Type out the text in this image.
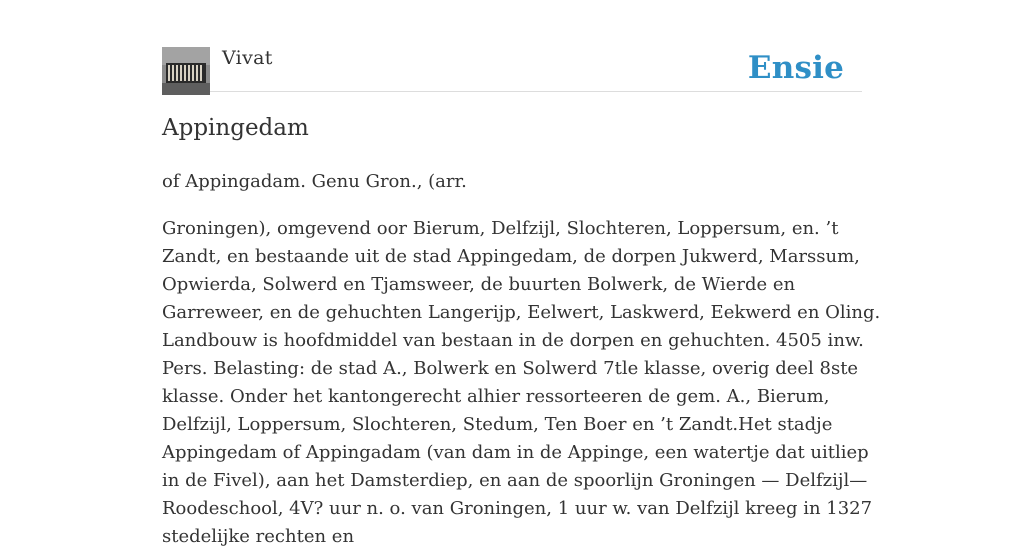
Vivat	Ensie
Appingedam

of Appingadam. Genu Gron., (arr.

Groningen), omgevend oor Bierum, Delfzijl, Slochteren, Loppersum, en. ’t Zandt, en bestaande uit de stad Appingedam, de dorpen Jukwerd, Marssum, Opwierda, Solwerd en Tjamsweer, de buurten Bolwerk, de Wierde en Garreweer, en de gehuchten Langerijp, Eelwert, Laskwerd, Eekwerd en Oling. Landbouw is hoofdmiddel van bestaan in de dorpen en gehuchten. 4505 inw. Pers. Belasting: de stad A., Bolwerk en Solwerd 7tle klasse, overig deel 8ste klasse. Onder het kantongerecht alhier ressorteeren de gem. A., Bierum, Delfzijl, Loppersum, Slochteren, Stedum, Ten Boer en ’t Zandt.Het stadje Appingedam of Appingadam (van dam in de Appinge, een watertje dat uitliep in de Fivel), aan het Damsterdiep, en aan de spoorlijn Groningen — Delfzijl—Roodeschool, 4V? uur n. o. van Groningen, 1 uur w. van Delfzijl kreeg in 1327 stedelijke rechten en
